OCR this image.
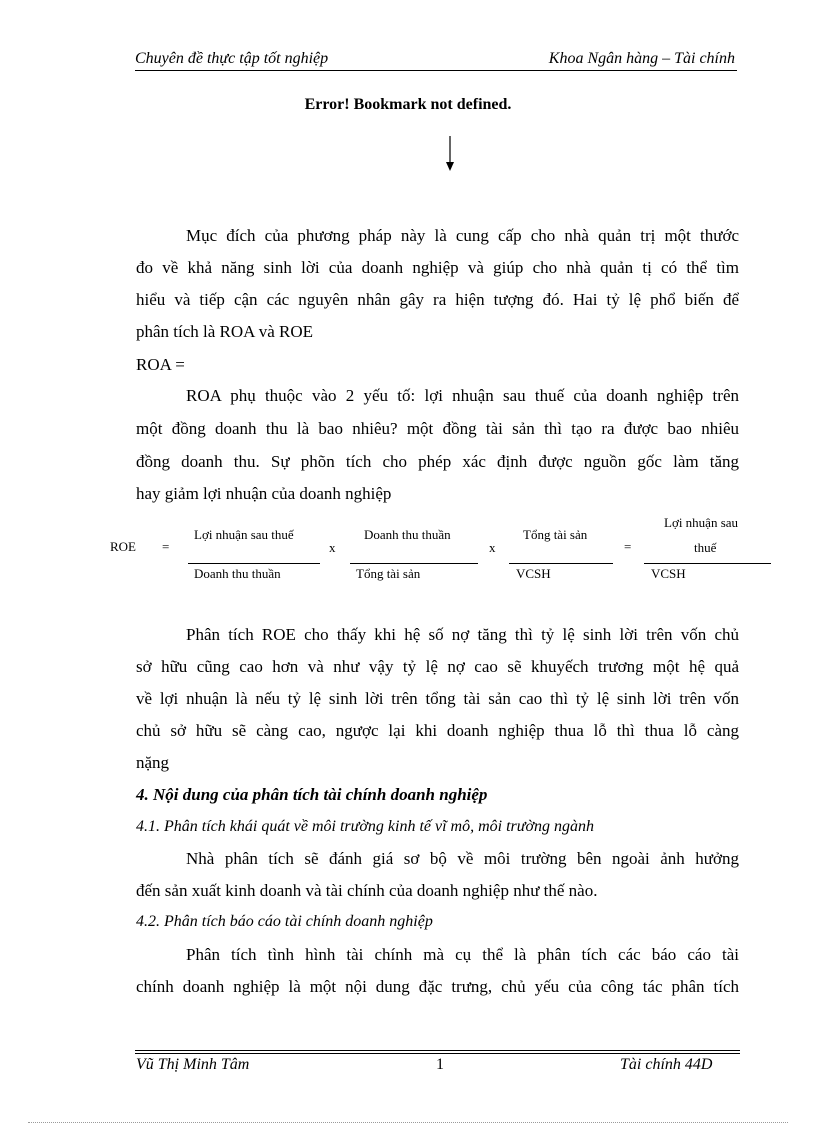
Chuyên đề thực tập tốt nghiệp	Khoa Ngân hàng – Tài chính
Error! Bookmark not defined.

Mục đích của phương pháp này là cung cấp cho nhà quản trị một thước

đo về khả năng sinh lời của doanh nghiệp và giúp cho nhà quản tị có thể tìm

hiểu và tiếp cận các nguyên nhân gây ra hiện tượng đó. Hai tỷ lệ phổ biến để

phân tích là ROA và ROE
ROA =

ROA phụ thuộc vào 2 yếu tố: lợi nhuận sau thuế của doanh nghiệp trên

một đồng doanh thu là bao nhiêu? một đồng tài sản thì tạo ra được bao nhiêu

đồng doanh thu. Sự phõn tích cho phép xác định được nguồn gốc làm tăng

hay giảm lợi nhuận của doanh nghiệp
ROE =
Lợi nhuận sau thuế
Doanh thu thuần
x
Doanh thu thuần
Tổng tài sản
x
Tổng tài sản
VCSH
=
Lợi nhuận sau
thuế
VCSH

Phân tích ROE cho thấy khi hệ số nợ tăng thì tỷ lệ sinh lời trên vốn chủ

sở hữu cũng cao hơn và như vậy tỷ lệ nợ cao sẽ khuyếch trương một hệ quả

về lợi nhuận là nếu tỷ lệ sinh lời trên tổng tài sản cao thì tỷ lệ sinh lời trên vốn

chủ sở hữu sẽ càng cao, ngược lại khi doanh nghiệp thua lỗ thì thua lỗ càng

nặng
4. Nội dung của phân tích tài chính doanh nghiệp
4.1. Phân tích khái quát về môi trường kinh tế vĩ mô, môi trường ngành

Nhà phân tích sẽ đánh giá sơ bộ về môi trường bên ngoài ảnh hưởng

đến sản xuất kinh doanh và tài chính của doanh nghiệp như thế nào.
4.2. Phân tích báo cáo tài chính doanh nghiệp

Phân tích tình hình tài chính mà cụ thể là phân tích các báo cáo tài

chính doanh nghiệp là một nội dung đặc trưng, chủ yếu của công tác phân tích

Vũ Thị Minh Tâm	1	Tài chính 44D
